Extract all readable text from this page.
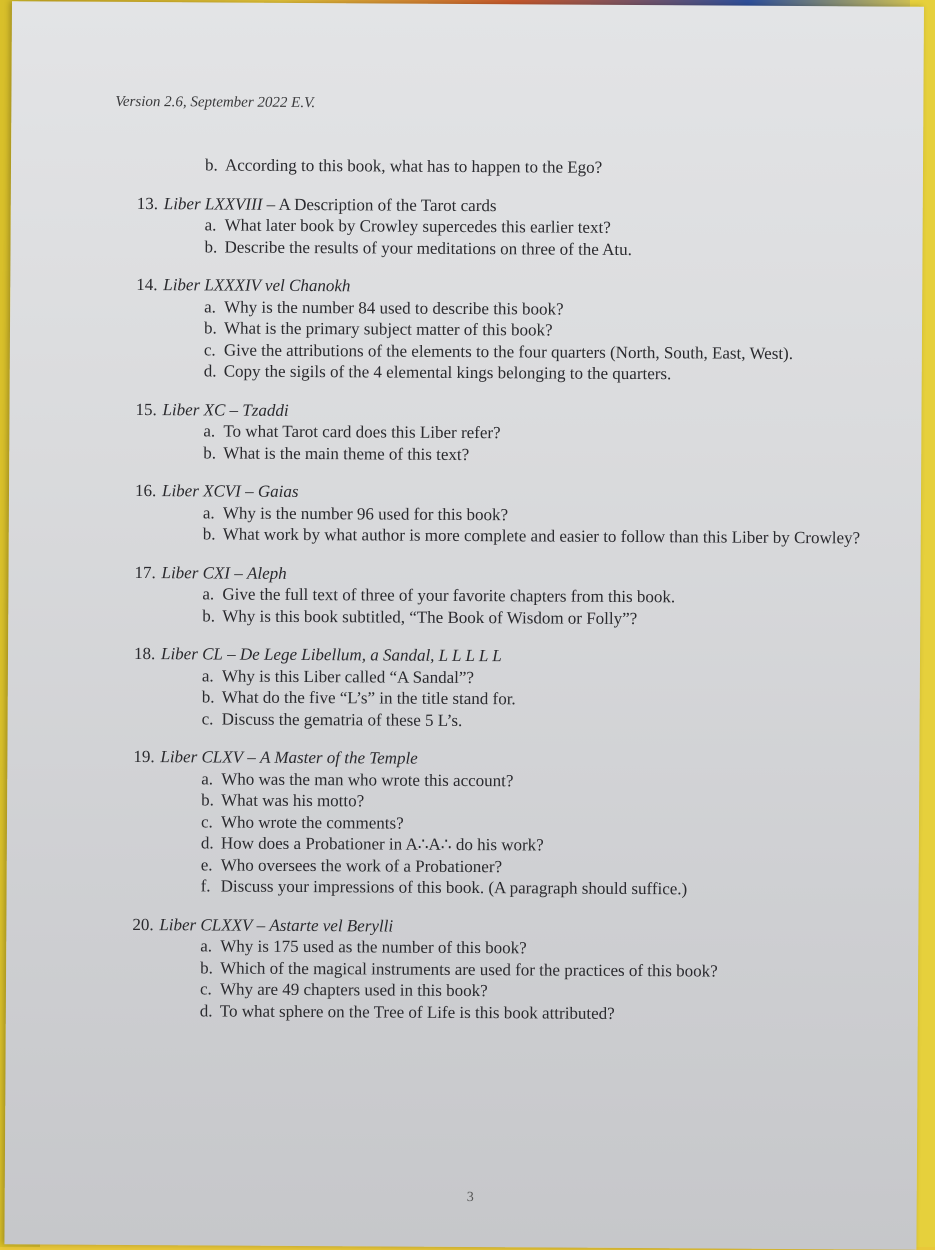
Version 2.6, September 2022 E.V.
b. According to this book, what has to happen to the Ego?
13. Liber LXXVIII – A Description of the Tarot cards
a. What later book by Crowley supercedes this earlier text?
b. Describe the results of your meditations on three of the Atu.
14. Liber LXXXIV vel Chanokh
a. Why is the number 84 used to describe this book?
b. What is the primary subject matter of this book?
c. Give the attributions of the elements to the four quarters (North, South, East, West).
d. Copy the sigils of the 4 elemental kings belonging to the quarters.
15. Liber XC – Tzaddi
a. To what Tarot card does this Liber refer?
b. What is the main theme of this text?
16. Liber XCVI – Gaias
a. Why is the number 96 used for this book?
b. What work by what author is more complete and easier to follow than this Liber by Crowley?
17. Liber CXI – Aleph
a. Give the full text of three of your favorite chapters from this book.
b. Why is this book subtitled, “The Book of Wisdom or Folly”?
18. Liber CL – De Lege Libellum, a Sandal, L L L L L
a. Why is this Liber called “A Sandal”?
b. What do the five “L’s” in the title stand for.
c. Discuss the gematria of these 5 L’s.
19. Liber CLXV – A Master of the Temple
a. Who was the man who wrote this account?
b. What was his motto?
c. Who wrote the comments?
d. How does a Probationer in A∴A∴ do his work?
e. Who oversees the work of a Probationer?
f. Discuss your impressions of this book. (A paragraph should suffice.)
20. Liber CLXXV – Astarte vel Berylli
a. Why is 175 used as the number of this book?
b. Which of the magical instruments are used for the practices of this book?
c. Why are 49 chapters used in this book?
d. To what sphere on the Tree of Life is this book attributed?
3
